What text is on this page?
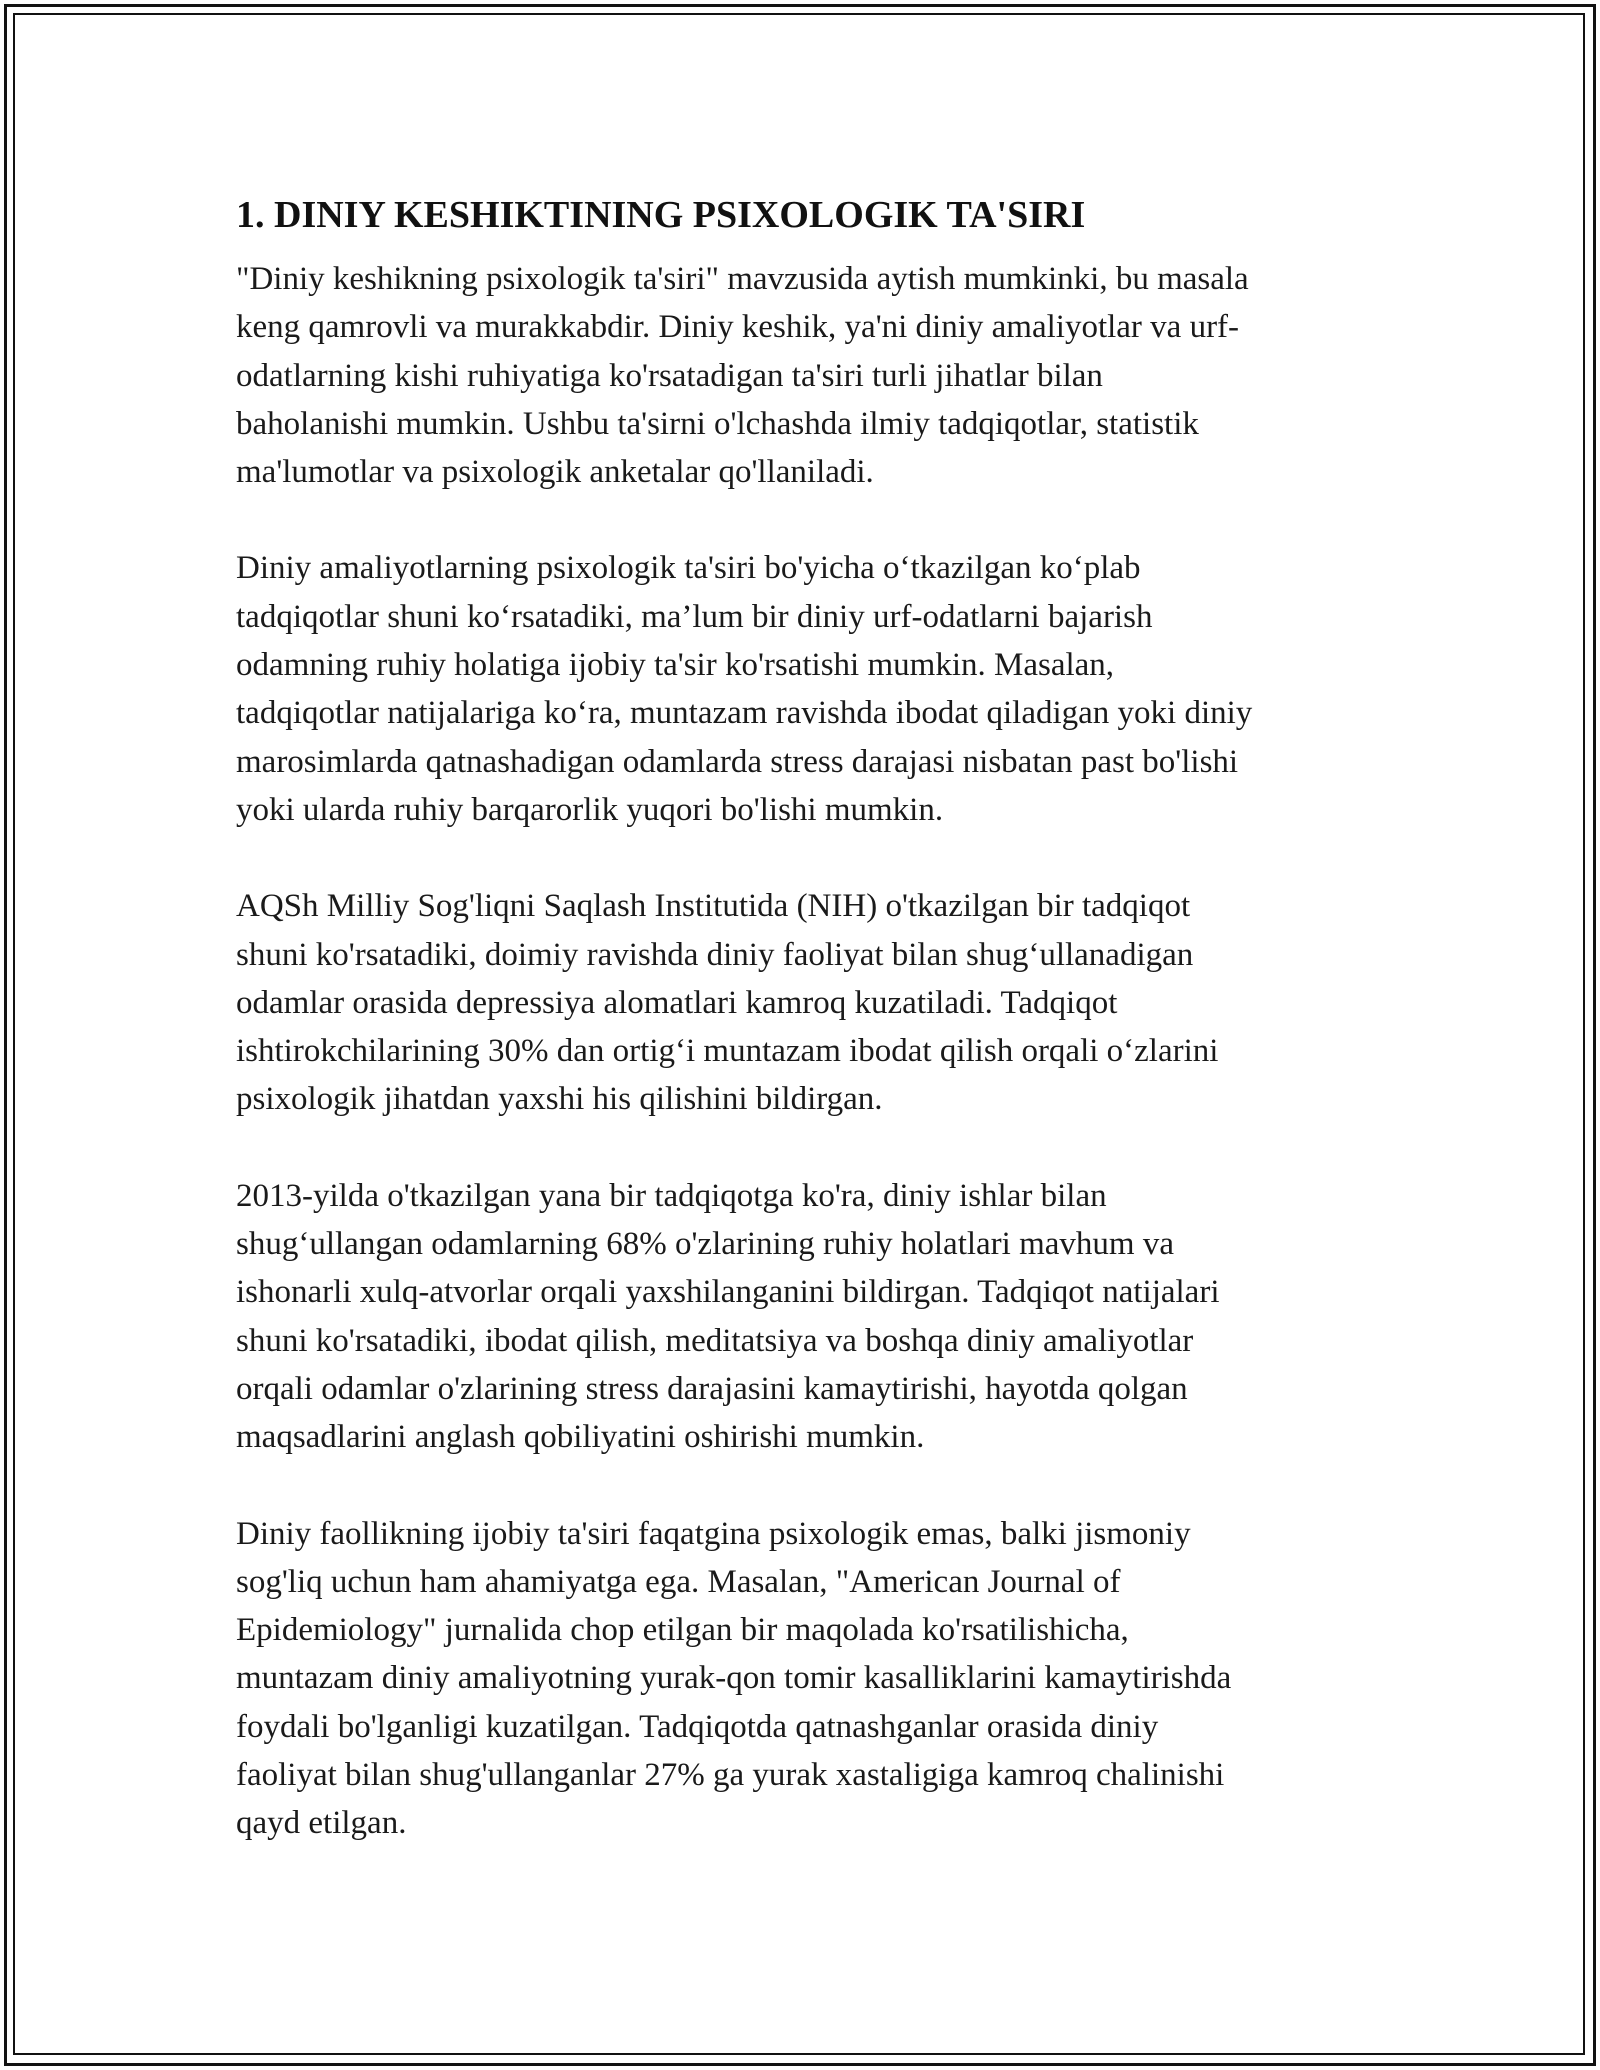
1. DINIY KESHIKTINING PSIXOLOGIK TA'SIRI

"Diniy keshikning psixologik ta'siri" mavzusida aytish mumkinki, bu masala
keng qamrovli va murakkabdir. Diniy keshik, ya'ni diniy amaliyotlar va urf-
odatlarning kishi ruhiyatiga ko'rsatadigan ta'siri turli jihatlar bilan
baholanishi mumkin. Ushbu ta'sirni o'lchashda ilmiy tadqiqotlar, statistik
ma'lumotlar va psixologik anketalar qo'llaniladi.

Diniy amaliyotlarning psixologik ta'siri bo'yicha o‘tkazilgan ko‘plab
tadqiqotlar shuni ko‘rsatadiki, ma’lum bir diniy urf-odatlarni bajarish
odamning ruhiy holatiga ijobiy ta'sir ko'rsatishi mumkin. Masalan,
tadqiqotlar natijalariga ko‘ra, muntazam ravishda ibodat qiladigan yoki diniy
marosimlarda qatnashadigan odamlarda stress darajasi nisbatan past bo'lishi
yoki ularda ruhiy barqarorlik yuqori bo'lishi mumkin.

AQSh Milliy Sog'liqni Saqlash Institutida (NIH) o'tkazilgan bir tadqiqot
shuni ko'rsatadiki, doimiy ravishda diniy faoliyat bilan shug‘ullanadigan
odamlar orasida depressiya alomatlari kamroq kuzatiladi. Tadqiqot
ishtirokchilarining 30% dan ortig‘i muntazam ibodat qilish orqali o‘zlarini
psixologik jihatdan yaxshi his qilishini bildirgan.

2013-yilda o'tkazilgan yana bir tadqiqotga ko'ra, diniy ishlar bilan
shug‘ullangan odamlarning 68% o'zlarining ruhiy holatlari mavhum va
ishonarli xulq-atvorlar orqali yaxshilanganini bildirgan. Tadqiqot natijalari
shuni ko'rsatadiki, ibodat qilish, meditatsiya va boshqa diniy amaliyotlar
orqali odamlar o'zlarining stress darajasini kamaytirishi, hayotda qolgan
maqsadlarini anglash qobiliyatini oshirishi mumkin.

Diniy faollikning ijobiy ta'siri faqatgina psixologik emas, balki jismoniy
sog'liq uchun ham ahamiyatga ega. Masalan, "American Journal of
Epidemiology" jurnalida chop etilgan bir maqolada ko'rsatilishicha,
muntazam diniy amaliyotning yurak-qon tomir kasalliklarini kamaytirishda
foydali bo'lganligi kuzatilgan. Tadqiqotda qatnashganlar orasida diniy
faoliyat bilan shug'ullanganlar 27% ga yurak xastaligiga kamroq chalinishi
qayd etilgan.
